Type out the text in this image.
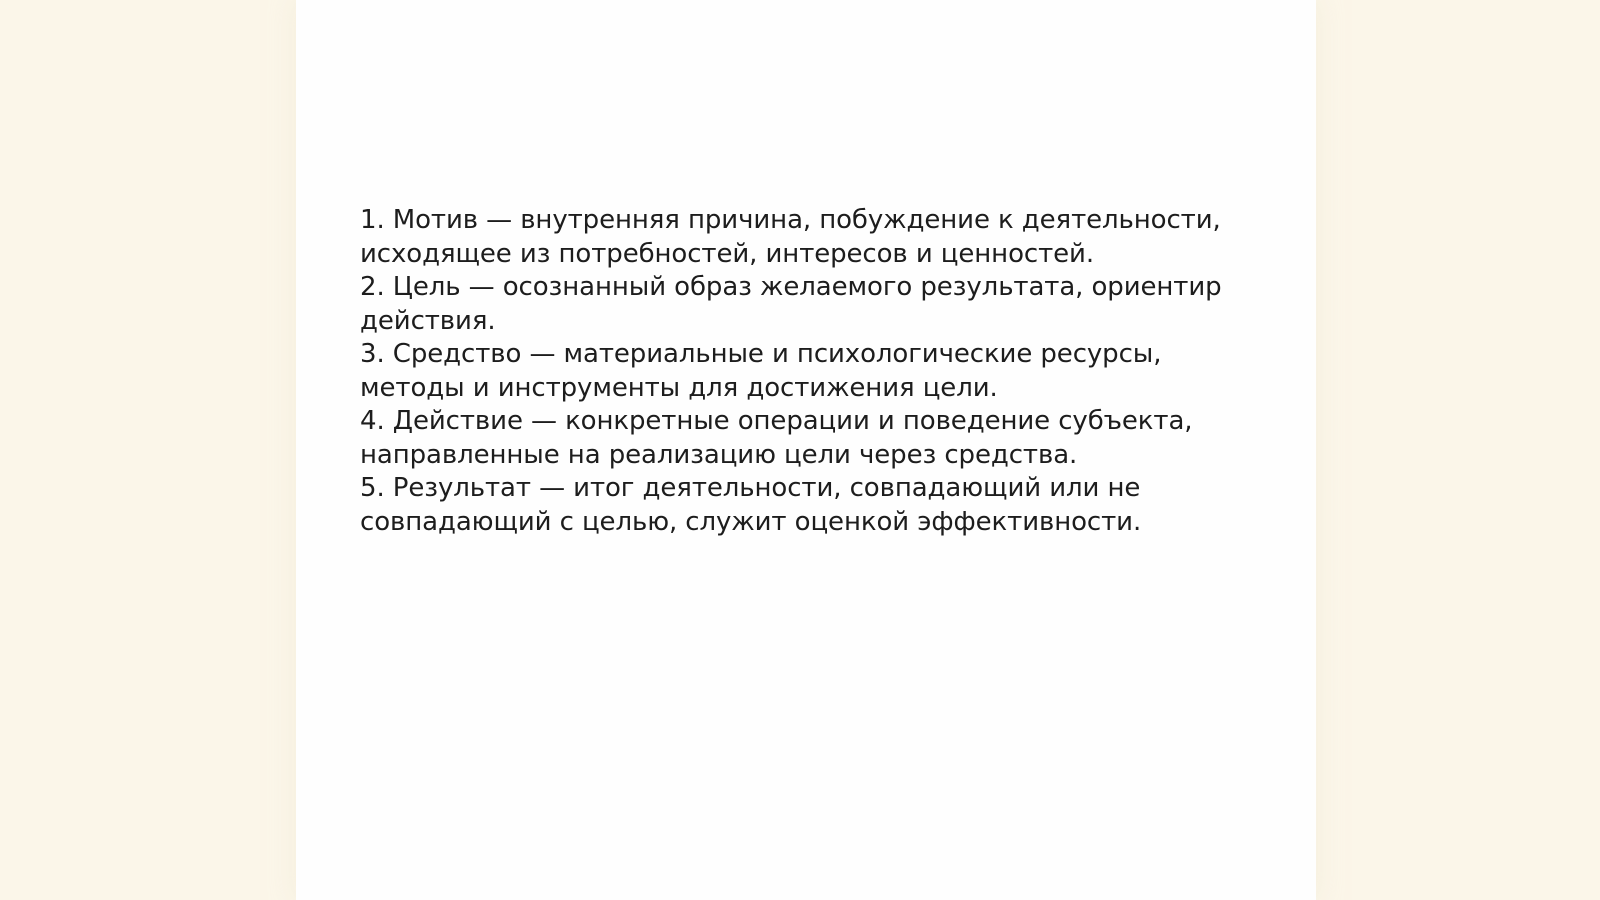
1. Мотив — внутренняя причина, побуждение к деятельности,
исходящее из потребностей, интересов и ценностей.

2. Цель — осознанный образ желаемого результата, ориентир
действия.

3. Средство — материальные и психологические ресурсы,
методы и инструменты для достижения цели.

4. Действие — конкретные операции и поведение субъекта,
направленные на реализацию цели через средства.

5. Результат — итог деятельности, совпадающий или не
совпадающий с целью, служит оценкой эффективности.
